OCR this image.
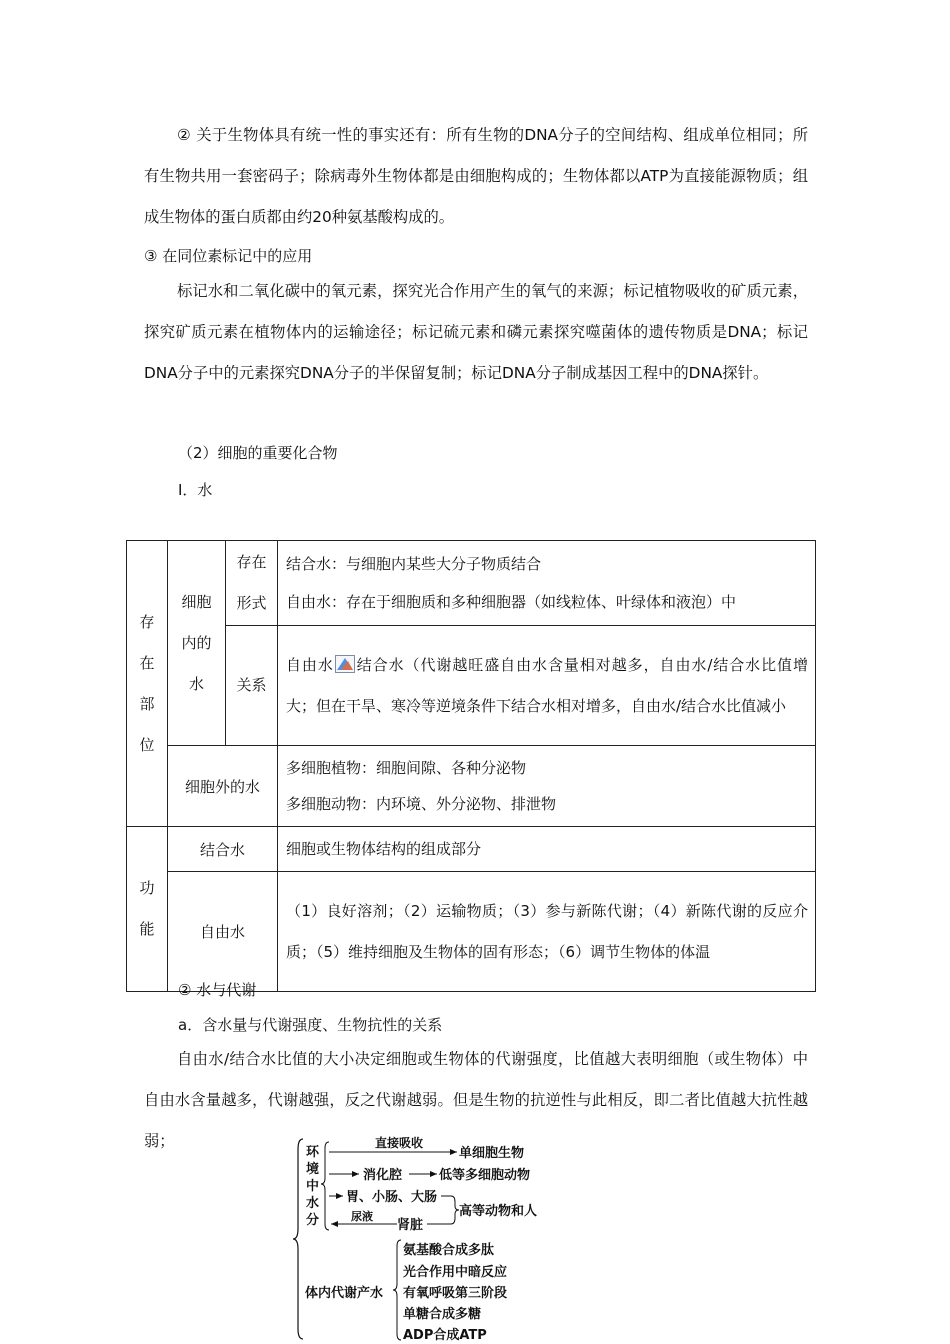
② 关于生物体具有统一性的事实还有：所有生物的DNA分子的空间结构、组成单位相同；所有生物共用一套密码子；除病毒外生物体都是由细胞构成的；生物体都以ATP为直接能源物质；组成生物体的蛋白质都由约20种氨基酸构成的。
③ 在同位素标记中的应用
标记水和二氧化碳中的氧元素，探究光合作用产生的氧气的来源；标记植物吸收的矿质元素，探究矿质元素在植物体内的运输途径；标记硫元素和磷元素探究噬菌体的遗传物质是DNA；标记DNA分子中的元素探究DNA分子的半保留复制；标记DNA分子制成基因工程中的DNA探针。
（2）细胞的重要化合物
Ⅰ．水
存在部位	细胞内的水	存在形式	结合水：与细胞内某些大分子物质结合
自由水：存在于细胞质和多种细胞器（如线粒体、叶绿体和液泡）中

		关系	自由水 结合水（代谢越旺盛自由水含量相对越多，自由水/结合水比值增大；但在干旱、寒冷等逆境条件下结合水相对增多，自由水/结合水比值减小
	细胞外的水		多细胞植物：细胞间隙、各种分泌物
多细胞动物：内环境、外分泌物、排泄物

功能	结合水		细胞或生物体结构的组成部分
	自由水		（1）良好溶剂；（2）运输物质；（3）参与新陈代谢；（4）新陈代谢的反应介质；（5）维持细胞及生物体的固有形态；（6）调节生物体的体温
② 水与代谢
a．含水量与代谢强度、生物抗性的关系
自由水/结合水比值的大小决定细胞或生物体的代谢强度，比值越大表明细胞（或生物体）中自由水含量越多，代谢越强，反之代谢越弱。但是生物的抗逆性与此相反，即二者比值越大抗性越弱；
环境中水分
直接吸收
单细胞生物
消化腔	低等多细胞动物
胃、小肠、大肠
尿液
肾脏
高等动物和人
体内代谢产水
氨基酸合成多肽
光合作用中暗反应
有氧呼吸第三阶段
单糖合成多糖
ADP合成ATP
